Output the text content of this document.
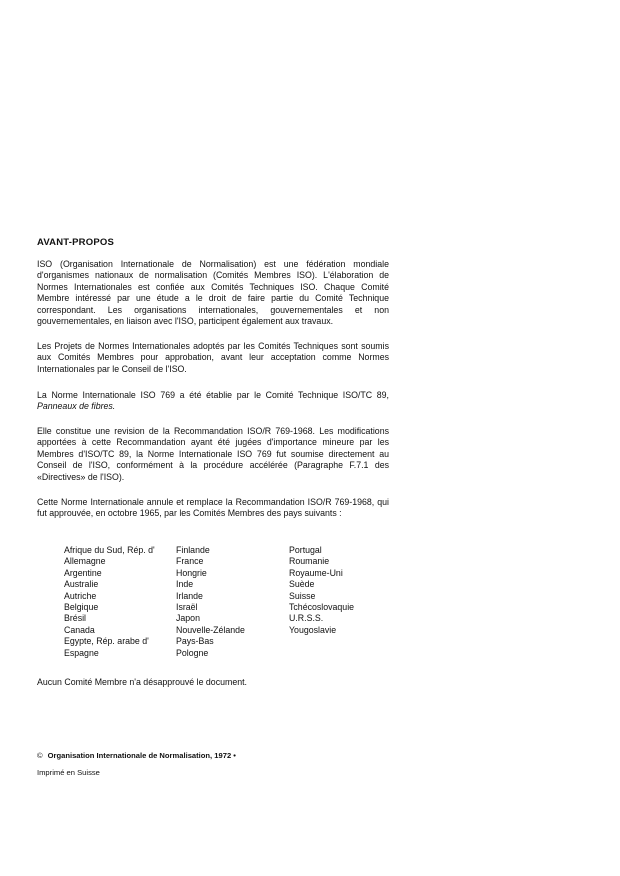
AVANT-PROPOS

ISO (Organisation Internationale de Normalisation) est une fédération mondiale d'organismes nationaux de normalisation (Comités Membres ISO). L'élaboration de Normes Internationales est confiée aux Comités Techniques ISO. Chaque Comité Membre intéressé par une étude a le droit de faire partie du Comité Technique correspondant. Les organisations internationales, gouvernementales et non gouvernementales, en liaison avec l'ISO, participent également aux travaux.

Les Projets de Normes Internationales adoptés par les Comités Techniques sont soumis aux Comités Membres pour approbation, avant leur acceptation comme Normes Internationales par le Conseil de l'ISO.

La Norme Internationale ISO 769 a été établie par le Comité Technique ISO/TC 89, Panneaux de fibres.

Elle constitue une revision de la Recommandation ISO/R 769-1968. Les modifications apportées à cette Recommandation ayant été jugées d'importance mineure par les Membres d'ISO/TC 89, la Norme Internationale ISO 769 fut soumise directement au Conseil de l'ISO, conformément à la procédure accélérée (Paragraphe F.7.1 des «Directives» de l'ISO).

Cette Norme Internationale annule et remplace la Recommandation ISO/R 769-1968, qui fut approuvée, en octobre 1965, par les Comités Membres des pays suivants :

Afrique du Sud, Rép. d'
Allemagne
Argentine
Australie
Autriche
Belgique
Brésil
Canada
Egypte, Rép. arabe d'
Espagne
Finlande
France
Hongrie
Inde
Irlande
Israël
Japon
Nouvelle-Zélande
Pays-Bas
Pologne
Portugal
Roumanie
Royaume-Uni
Suède
Suisse
Tchécoslovaquie
U.R.S.S.
Yougoslavie

Aucun Comité Membre n'a désapprouvé le document.

© Organisation Internationale de Normalisation, 1972 •
Imprimé en Suisse
